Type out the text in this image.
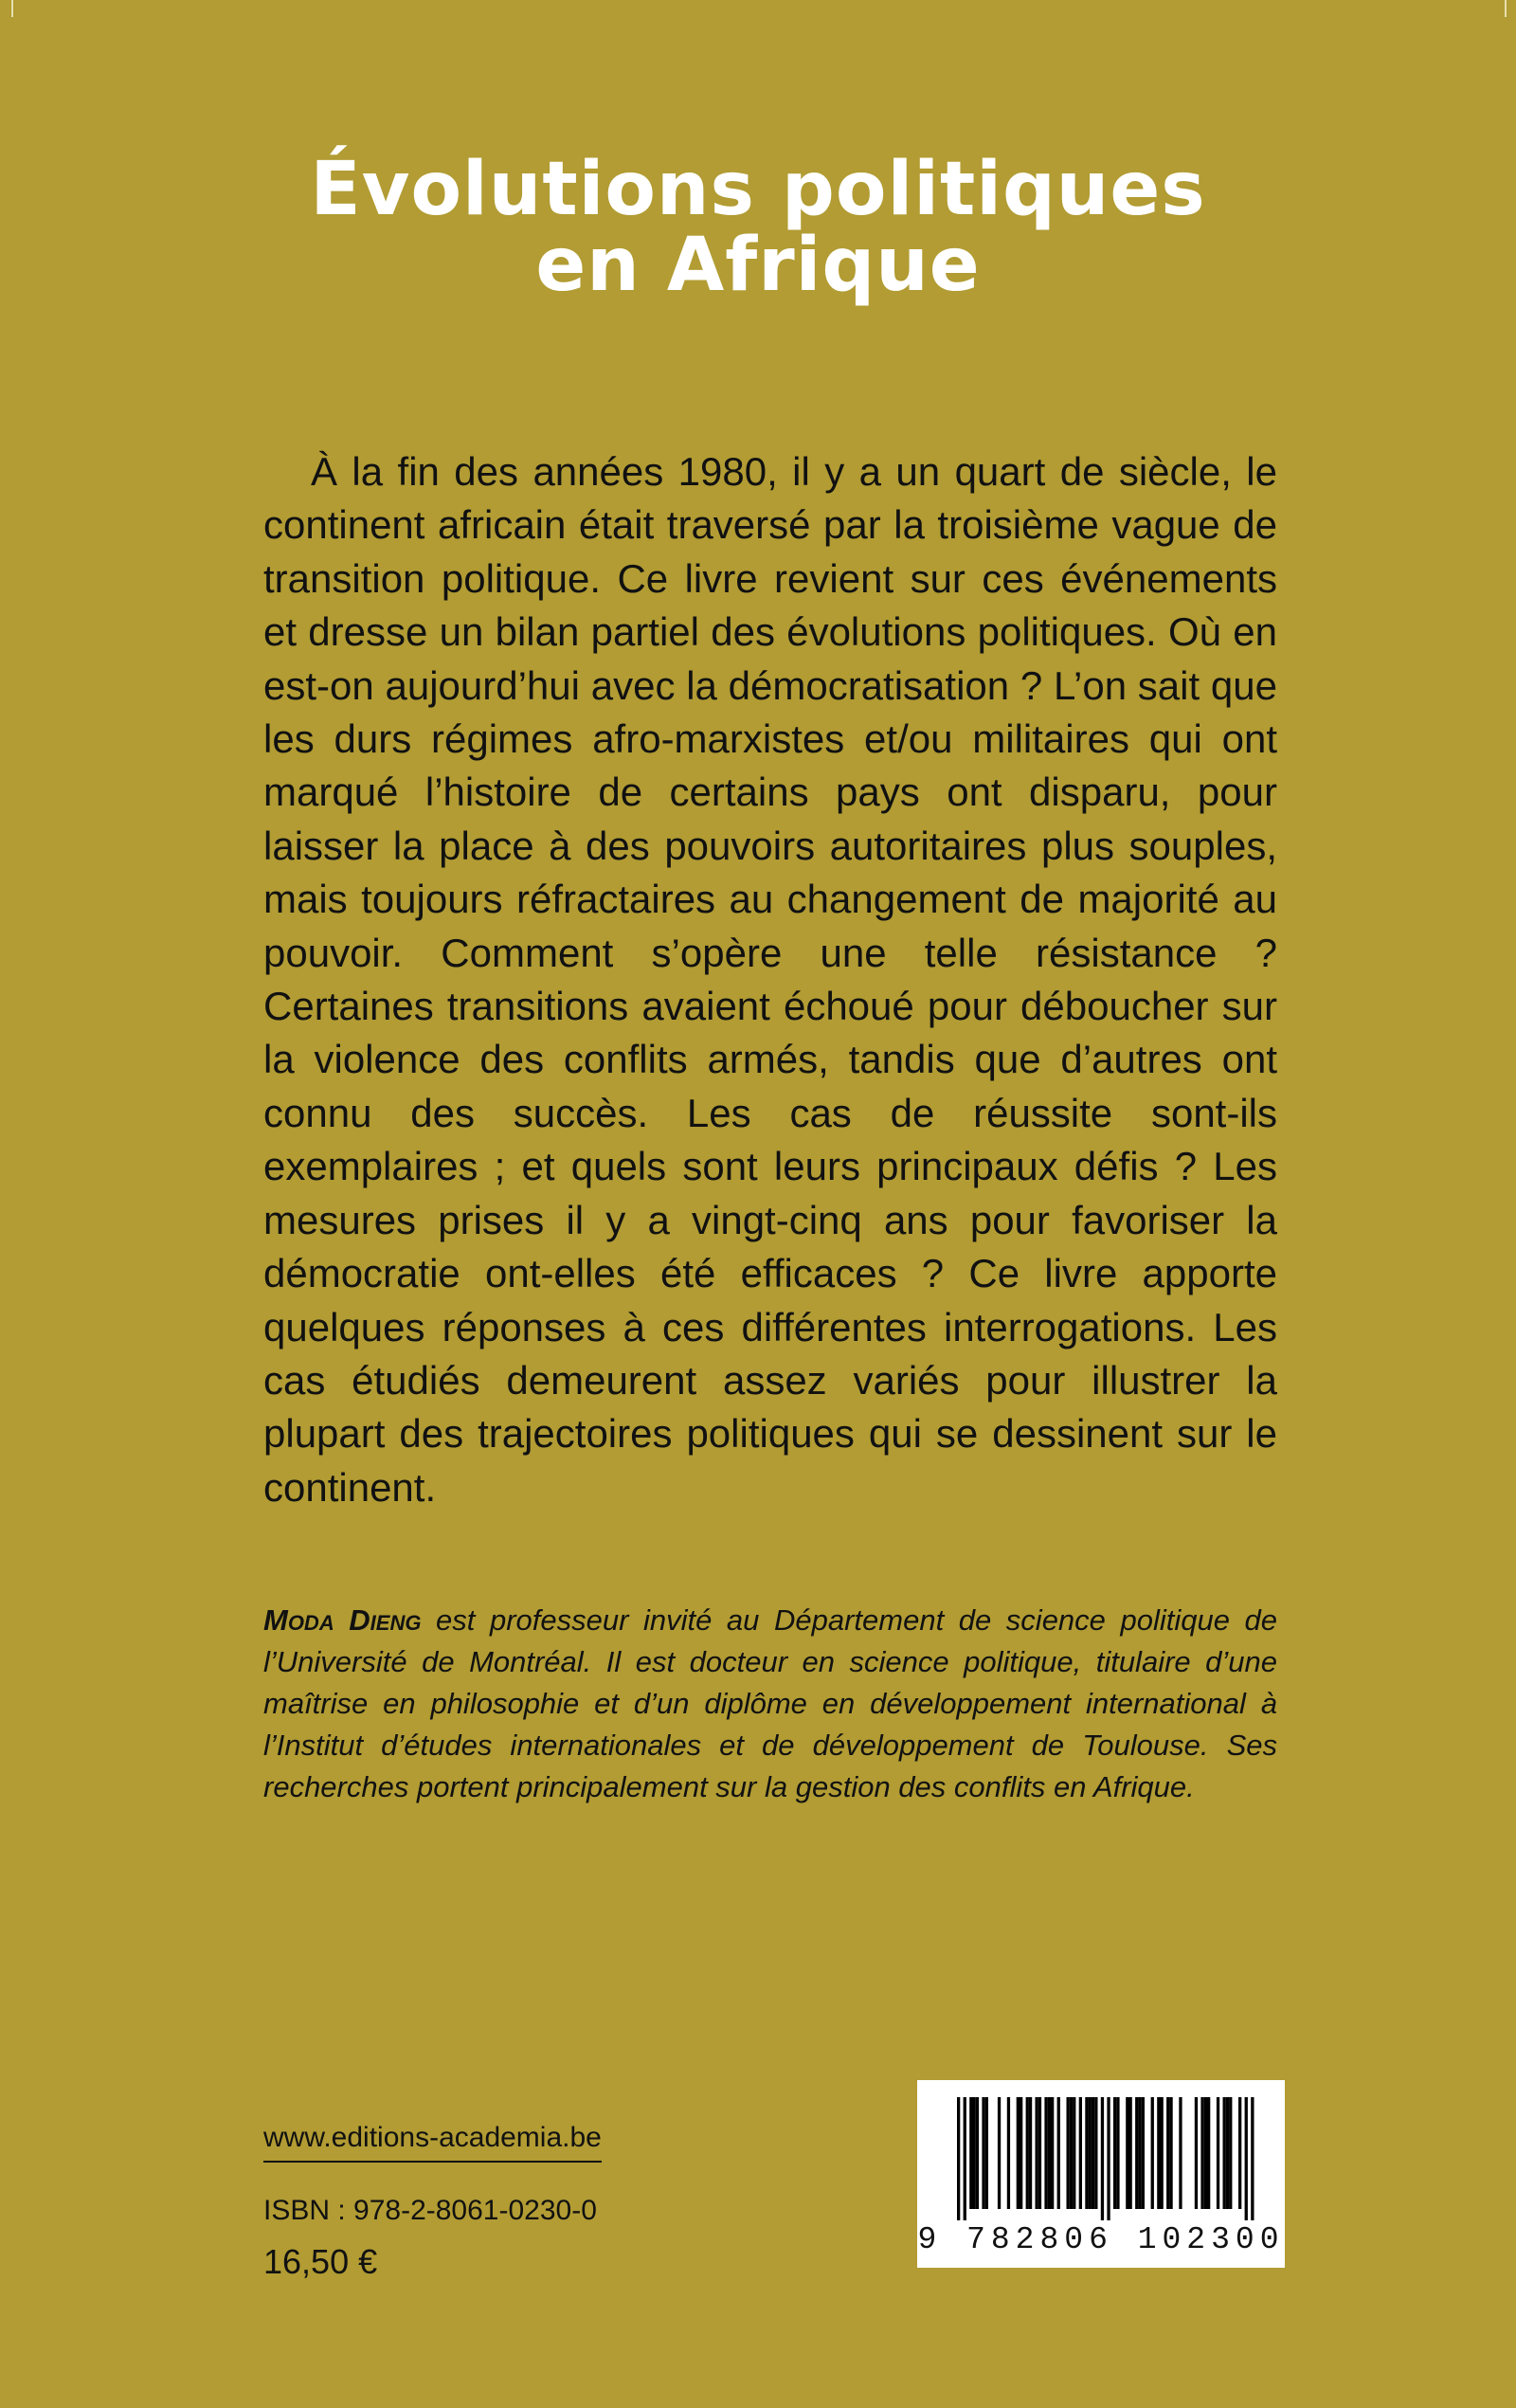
Évolutions politiques
en Afrique

À la fin des années 1980, il y a un quart de siècle, le continent africain était traversé par la troisième vague de transition politique. Ce livre revient sur ces événements et dresse un bilan partiel des évolutions politiques. Où en est-on aujourd’hui avec la démocratisation ? L’on sait que les durs régimes afro-marxistes et/ou militaires qui ont marqué l’histoire de certains pays ont disparu, pour laisser la place à des pouvoirs autoritaires plus souples, mais toujours réfractaires au changement de majorité au pouvoir. Comment s’opère une telle résistance ? Certaines transitions avaient échoué pour déboucher sur la violence des conflits armés, tandis que d’autres ont connu des succès. Les cas de réussite sont-ils exemplaires ; et quels sont leurs principaux défis ? Les mesures prises il y a vingt-cinq ans pour favoriser la démocratie ont-elles été efficaces ? Ce livre apporte quelques réponses à ces différentes interrogations. Les cas étudiés demeurent assez variés pour illustrer la plupart des trajectoires politiques qui se dessinent sur le continent.

Moda Dieng est professeur invité au Département de science politique de l’Université de Montréal. Il est docteur en science politique, titulaire d’une maîtrise en philosophie et d’un diplôme en développement international à l’Institut d’études internationales et de développement de Toulouse. Ses recherches portent principalement sur la gestion des conflits en Afrique.

www.editions-academia.be
ISBN : 978-2-8061-0230-0
16,50 €
9 782806 102300
